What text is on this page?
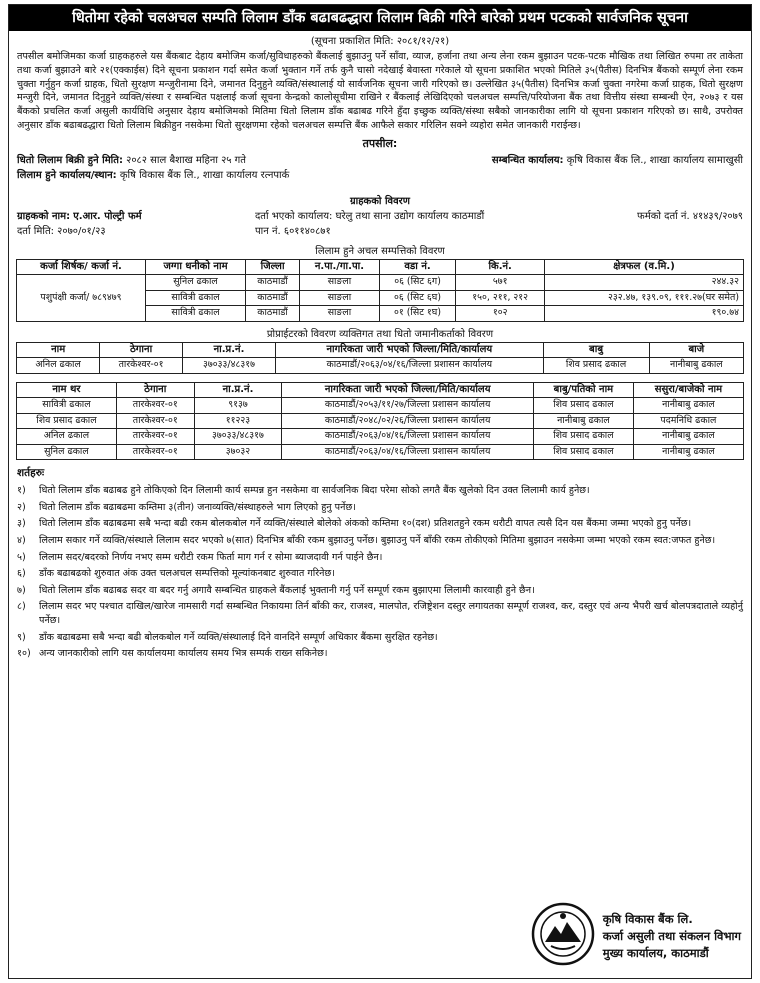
धितोमा रहेको चलअचल सम्पति लिलाम डाँक बढाबढद्धारा लिलाम बिक्री गरिने बारेको प्रथम पटकको सार्वजनिक सूचना
(सूचना प्रकाशित मिति: २०८१/१२/२१)
तपसील बमोजिमका कर्जा ग्राहकहरुले यस बैंकबाट देहाय बमोजिम कर्जा/सुविधाहरुको बैंकलाई बुझाउनु पर्ने साँवा, व्याज, हर्जाना तथा अन्य लेना रकम बुझाउन पटक-पटक मौखिक तथा लिखित रुपमा तर ताकेता तथा कर्जा बुझाउने बारे २१(एक्काईस) दिने सूचना प्रकाशन गर्दा समेत कर्जा भुक्तान गर्ने तर्फ कुनै चासो नदेखाई बेवास्ता गरेकाले यो सूचना प्रकाशित भएको मितिले ३५(पैतीस) दिनभित्र बैंकको सम्पूर्ण लेना रकम चुक्ता गर्नुहुन कर्जा ग्राहक, धितो सुरक्षण मन्जुरीनामा दिने, जमानत दिनुहुने व्यक्ति/संस्थालाई यो सार्वजनिक सूचना जारी गरिएको छ। उल्लेखित ३५(पैतीस) दिनभित्र कर्जा चुक्ता नगरेमा कर्जा ग्राहक, धितो सुरक्षण मन्जुरी दिने, जमानत दिनुहुने व्यक्ति/संस्था र सम्बन्धित पक्षलाई कर्जा सूचना केन्द्रको कालोसूचीमा राखिने र बैंकलाई लेखिदिएको चलअचल सम्पत्ति/परियोजना बैंक तथा वित्तीय संस्था सम्बन्धी ऐन, २०७३ र यस बैंकको प्रचलित कर्जा असुली कार्यविधि अनुसार देहाय बमोजिमको मितिमा धितो लिलाम डाँक बढाबढ गरिने हुँदा इच्छुक व्यक्ति/संस्था सबैको जानकारीका लागि यो सूचना प्रकाशन गरिएको छ। साथै, उपरोक्त अनुसार डाँक बढाबढद्धारा धितो लिलाम बिक्रीहुन नसकेमा धितो सुरक्षणमा रहेको चलअचल सम्पत्ति बैंक आफैले सकार गरिलिन सक्ने व्यहोरा समेत जानकारी गराईन्छ।
तपसील:
धितो लिलाम बिक्री हुने मिति: २०८२ साल बैशाख महिना २५ गते	सम्बन्धित कार्यालय: कृषि विकास बैंक लि., शाखा कार्यालय सामाखुसी
लिलाम हुने कार्यालय/स्थान: कृषि विकास बैंक लि., शाखा कार्यालय रत्नपार्क
ग्राहकको विवरण
ग्राहकको नाम: ए.आर. पोल्ट्री फर्म	दर्ता भएको कार्यालय: घरेलु तथा साना उद्योग कार्यालय काठमाडौं	फर्मको दर्ता नं. ४१४३९/२०७९
दर्ता मिति: २०७०/०१/२३	पान नं. ६०११४०८७१
लिलाम हुने अचल सम्पत्तिको विवरण
कर्जा शिर्षक/ कर्जा नं.	जग्गा धनीको नाम	जिल्ला	न.पा./गा.पा.	वडा नं.	कि.नं.	क्षेत्रफल (व.मि.)
पशुपंक्षी कर्जा/ ७८९४७९	सुनिल ढकाल	काठमाडौं	साङला	०६ (सिट ६ग)	५७१	२४४.३२
	सावित्री ढकाल	काठमाडौं	साङला	०६ (सिट ६घ)	१५०, २११, २१२	२३२.४७, १३९.०९, १११.२७(घर समेत)
	सावित्री ढकाल	काठमाडौं	साङला	०१ (सिट १घ)	१०२	१९०.७४
प्रोप्राईटरको विवरण व्यक्तिगत तथा धितो जमानीकर्ताको विवरण
नाम	ठेगाना	ना.प्र.नं.	नागरिकता जारी भएको जिल्ला/मिति/कार्यालय	बाबु	बाजे
अनिल ढकाल	तारकेश्वर-०१	३७०३३/४८३१७	काठमाडौं/२०६३/०४/१६/जिल्ला प्रशासन कार्यालय	शिव प्रसाद ढकाल	नानीबाबु ढकाल
नाम थर	ठेगाना	ना.प्र.नं.	नागरिकता जारी भएको जिल्ला/मिति/कार्यालय	बाबु/पतिको नाम	ससुरा/बाजेको नाम
सावित्री ढकाल	तारकेश्वर-०१	९१३७	काठमाडौं/२०५३/११/२७/जिल्ला प्रशासन कार्यालय	शिव प्रसाद ढकाल	नानीबाबु ढकाल
शिव प्रसाद ढकाल	तारकेश्वर-०१	११२२३	काठमाडौं/२०४८/०२/२६/जिल्ला प्रशासन कार्यालय	नानीबाबु ढकाल	पदमनिधि ढकाल
अनिल ढकाल	तारकेश्वर-०१	३७०३३/४८३१७	काठमाडौं/२०६३/०४/१६/जिल्ला प्रशासन कार्यालय	शिव प्रसाद ढकाल	नानीबाबु ढकाल
सुनिल ढकाल	तारकेश्वर-०१	३७०३२	काठमाडौं/२०६३/०४/१६/जिल्ला प्रशासन कार्यालय	शिव प्रसाद ढकाल	नानीबाबु ढकाल
शर्तहरुः
१)	धितो लिलाम डाँक बढाबढ हुने तोकिएको दिन लिलामी कार्य सम्पन्न हुन नसकेमा वा सार्वजनिक बिदा परेमा सोको लगतै बैंक खुलेको दिन उक्त लिलामी कार्य हुनेछ।
२)	धितो लिलाम डाँक बढाबढमा कम्तिमा ३(तीन) जनाव्यक्ति/संस्थाहरुले भाग लिएको हुनु पर्नेछ।
३)	धितो लिलाम डाँक बढाबढमा सबै भन्दा बढी रकम बोलकबोल गर्ने व्यक्ति/संस्थाले बोलेको अंकको कम्तिमा १०(दश) प्रतिशतहुने रकम धरौटी वापत त्यसै दिन यस बैंकमा जम्मा भएको हुनु पर्नेछ।
४)	लिलाम सकार गर्ने व्यक्ति/संस्थाले लिलाम सदर भएको ७(सात) दिनभित्र बाँकी रकम बुझाउनु पर्नेछ। बुझाउनु पर्ने बाँकी रकम तोकीएको मितिमा बुझाउन नसकेमा जम्मा भएको रकम स्वत:जफत हुनेछ।
५)	लिलाम सदर/बदरको निर्णय नभए सम्म धरौटी रकम फिर्ता माग गर्न र सोमा ब्याजदावी गर्न पाईने छैन।
६)	डाँक बढाबढको शुरुवात अंक उक्त चलअचल सम्पत्तिको मूल्यांकनबाट शुरुवात गरिनेछ।
७)	धितो लिलाम डाँक बढाबढ सदर वा बदर गर्नु अगावै सम्बन्धित ग्राहकले बैंकलाई भुक्तानी गर्नु पर्ने सम्पूर्ण रकम बुझाएमा लिलामी कारवाही हुने छैन।
८)	लिलाम सदर भए पश्चात दाखिल/खारेज नामसारी गर्दा सम्बन्धित निकायमा तिर्न बाँकी कर, राजश्व, मालपोत, रजिष्ट्रेशन दस्तुर लगायतका सम्पूर्ण राजश्व, कर, दस्तुर एवं अन्य भैपरी खर्च बोलपत्रदाताले व्यहोर्नु पर्नेछ।
९)	डाँक बढाबढमा सबै भन्दा बढी बोलकबोल गर्ने व्यक्ति/संस्थालाई दिने वानदिने सम्पूर्ण अधिकार बैंकमा सुरक्षित रहनेछ।
१०) अन्य जानकारीको लागि यस कार्यालयमा कार्यालय समय भित्र सम्पर्क राख्न सकिनेछ।
कृषि विकास बैंक लि.
कर्जा असुली तथा संकलन विभाग
मुख्य कार्यालय, काठमाडौं
